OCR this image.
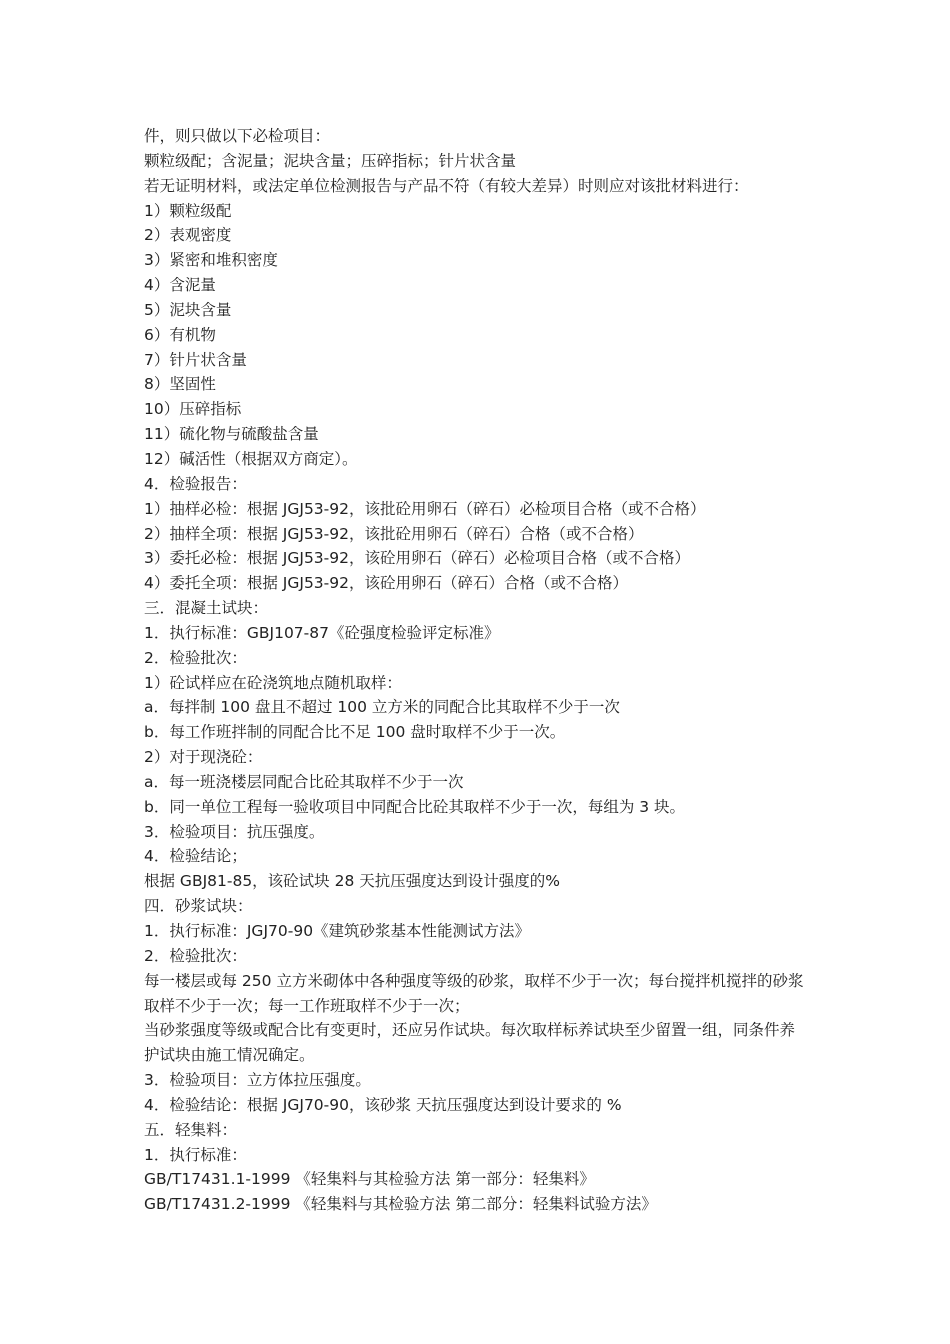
件，则只做以下必检项目：

颗粒级配；含泥量；泥块含量；压碎指标；针片状含量

若无证明材料，或法定单位检测报告与产品不符（有较大差异）时则应对该批材料进行：

1）颗粒级配

2）表观密度

3）紧密和堆积密度

4）含泥量

5）泥块含量

6）有机物

7）针片状含量

8）坚固性

10）压碎指标

11）硫化物与硫酸盐含量

12）碱活性（根据双方商定）。

4．检验报告：

1）抽样必检：根据 JGJ53-92，该批砼用卵石（碎石）必检项目合格（或不合格）

2）抽样全项：根据 JGJ53-92，该批砼用卵石（碎石）合格（或不合格）

3）委托必检：根据 JGJ53-92，该砼用卵石（碎石）必检项目合格（或不合格）

4）委托全项：根据 JGJ53-92，该砼用卵石（碎石）合格（或不合格）

三．混凝土试块：

1．执行标准：GBJ107-87《砼强度检验评定标准》

2．检验批次：

1）砼试样应在砼浇筑地点随机取样：

a．每拌制 100 盘且不超过 100 立方米的同配合比其取样不少于一次

b．每工作班拌制的同配合比不足 100 盘时取样不少于一次。

2）对于现浇砼：

a．每一班浇楼层同配合比砼其取样不少于一次

b．同一单位工程每一验收项目中同配合比砼其取样不少于一次，每组为 3 块。

3．检验项目：抗压强度。

4．检验结论；

根据 GBJ81-85，该砼试块 28 天抗压强度达到设计强度的%

四．砂浆试块：

1．执行标准：JGJ70-90《建筑砂浆基本性能测试方法》

2．检验批次：

每一楼层或每 250 立方米砌体中各种强度等级的砂浆，取样不少于一次；每台搅拌机搅拌的砂浆取样不少于一次；每一工作班取样不少于一次；

当砂浆强度等级或配合比有变更时，还应另作试块。每次取样标养试块至少留置一组，同条件养护试块由施工情况确定。

3．检验项目：立方体拉压强度。

4．检验结论：根据 JGJ70-90，该砂浆 天抗压强度达到设计要求的 %

五．轻集料：

1．执行标准：

GB/T17431.1-1999 《轻集料与其检验方法 第一部分：轻集料》

GB/T17431.2-1999 《轻集料与其检验方法 第二部分：轻集料试验方法》
